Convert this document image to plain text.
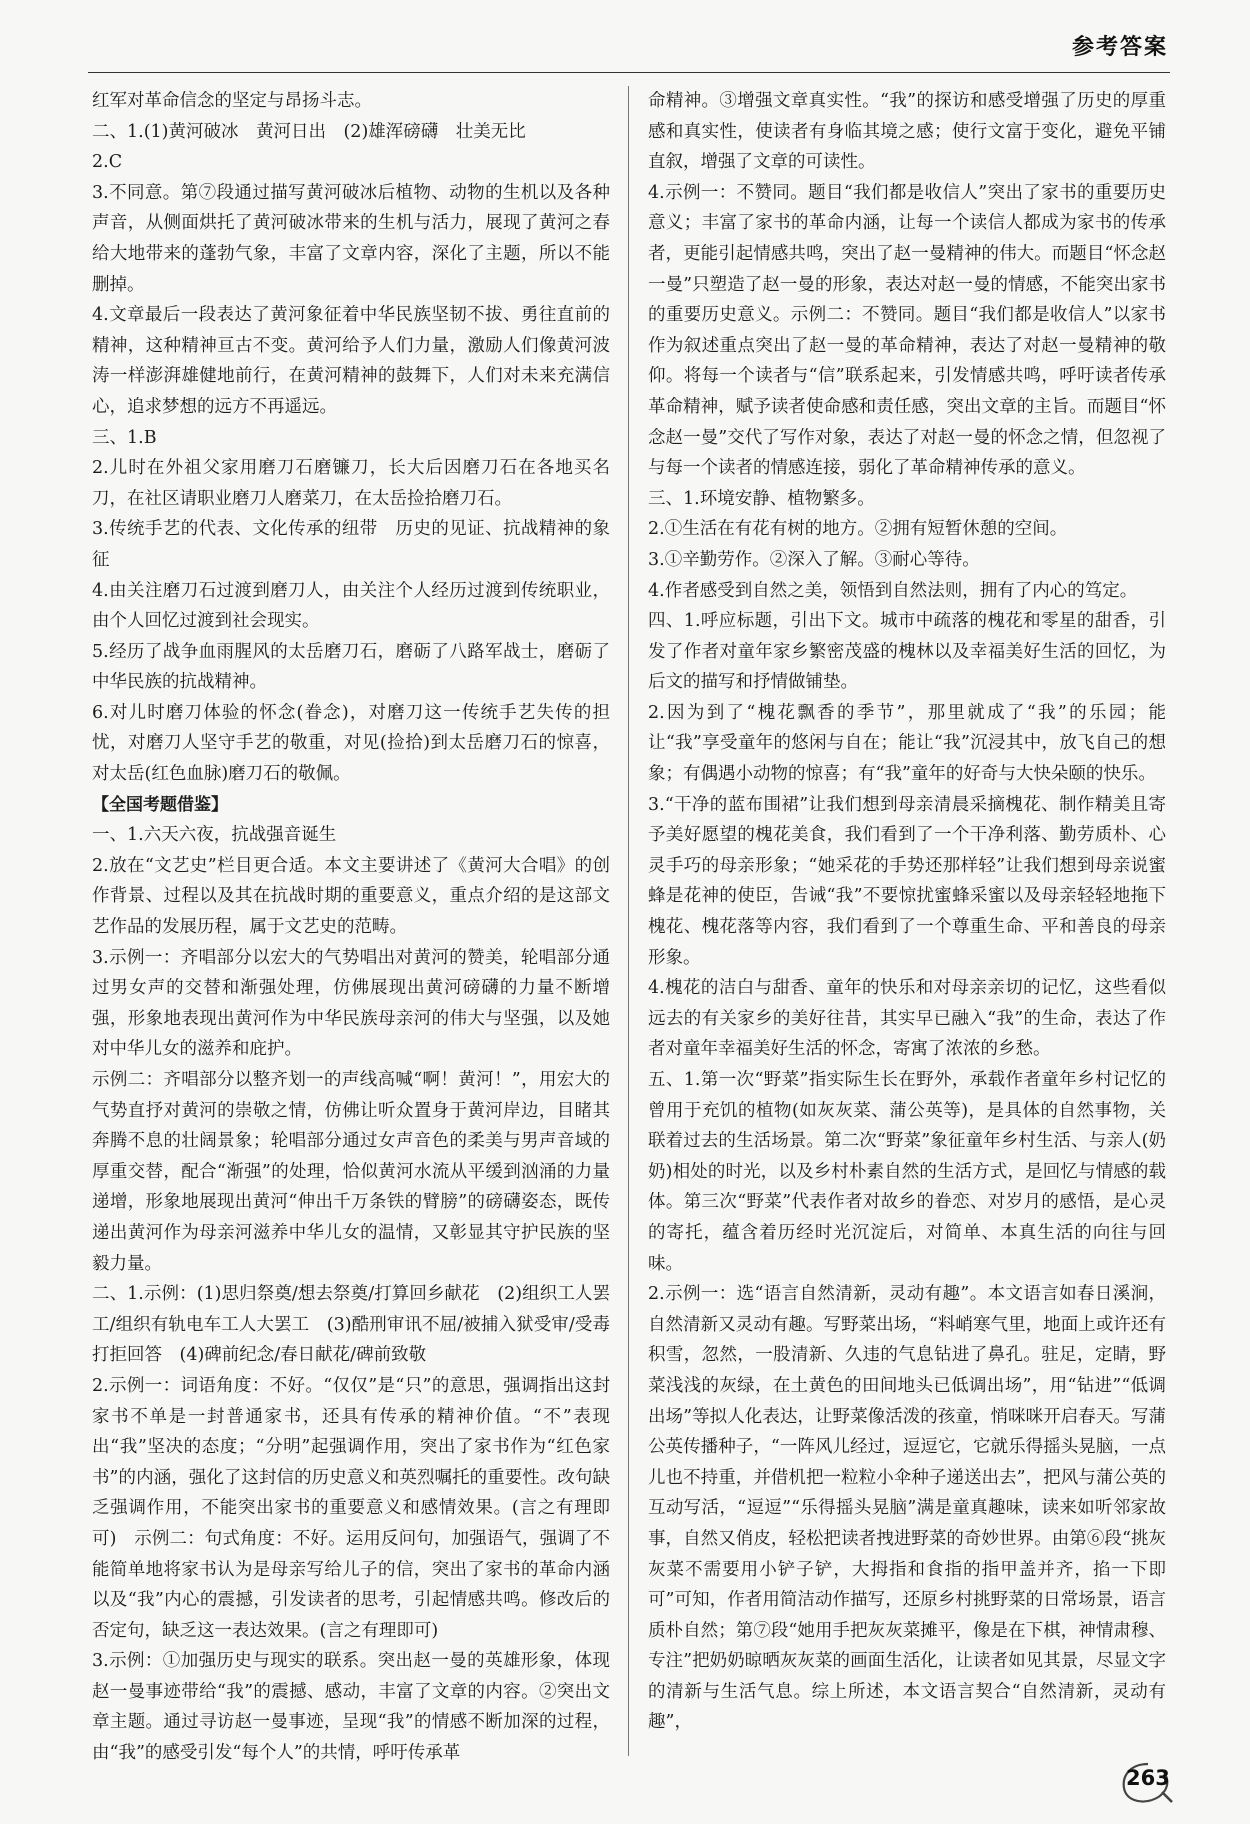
参考答案

红军对革命信念的坚定与昂扬斗志。

二、1.(1)黄河破冰　黄河日出　(2)雄浑磅礴　壮美无比

2.C

3.不同意。第⑦段通过描写黄河破冰后植物、动物的生机以及各种声音，从侧面烘托了黄河破冰带来的生机与活力，展现了黄河之春给大地带来的蓬勃气象，丰富了文章内容，深化了主题，所以不能删掉。

4.文章最后一段表达了黄河象征着中华民族坚韧不拔、勇往直前的精神，这种精神亘古不变。黄河给予人们力量，激励人们像黄河波涛一样澎湃雄健地前行，在黄河精神的鼓舞下，人们对未来充满信心，追求梦想的远方不再遥远。

三、1.B

2.儿时在外祖父家用磨刀石磨镰刀，长大后因磨刀石在各地买名刀，在社区请职业磨刀人磨菜刀，在太岳捡拾磨刀石。

3.传统手艺的代表、文化传承的纽带　历史的见证、抗战精神的象征

4.由关注磨刀石过渡到磨刀人，由关注个人经历过渡到传统职业，由个人回忆过渡到社会现实。

5.经历了战争血雨腥风的太岳磨刀石，磨砺了八路军战士，磨砺了中华民族的抗战精神。

6.对儿时磨刀体验的怀念(眷念)，对磨刀这一传统手艺失传的担忧，对磨刀人坚守手艺的敬重，对见(捡拾)到太岳磨刀石的惊喜，对太岳(红色血脉)磨刀石的敬佩。

【全国考题借鉴】

一、1.六天六夜，抗战强音诞生

2.放在“文艺史”栏目更合适。本文主要讲述了《黄河大合唱》的创作背景、过程以及其在抗战时期的重要意义，重点介绍的是这部文艺作品的发展历程，属于文艺史的范畴。

3.示例一：齐唱部分以宏大的气势唱出对黄河的赞美，轮唱部分通过男女声的交替和渐强处理，仿佛展现出黄河磅礴的力量不断增强，形象地表现出黄河作为中华民族母亲河的伟大与坚强，以及她对中华儿女的滋养和庇护。

示例二：齐唱部分以整齐划一的声线高喊“啊！黄河！”，用宏大的气势直抒对黄河的崇敬之情，仿佛让听众置身于黄河岸边，目睹其奔腾不息的壮阔景象；轮唱部分通过女声音色的柔美与男声音域的厚重交替，配合“渐强”的处理，恰似黄河水流从平缓到汹涌的力量递增，形象地展现出黄河“伸出千万条铁的臂膀”的磅礴姿态，既传递出黄河作为母亲河滋养中华儿女的温情，又彰显其守护民族的坚毅力量。

二、1.示例：(1)思归祭奠/想去祭奠/打算回乡献花　(2)组织工人罢工/组织有轨电车工人大罢工　(3)酷刑审讯不屈/被捕入狱受审/受毒打拒回答　(4)碑前纪念/春日献花/碑前致敬

2.示例一：词语角度：不好。“仅仅”是“只”的意思，强调指出这封家书不单是一封普通家书，还具有传承的精神价值。“不”表现出“我”坚决的态度；“分明”起强调作用，突出了家书作为“红色家书”的内涵，强化了这封信的历史意义和英烈嘱托的重要性。改句缺乏强调作用，不能突出家书的重要意义和感情效果。(言之有理即可)　示例二：句式角度：不好。运用反问句，加强语气，强调了不能简单地将家书认为是母亲写给儿子的信，突出了家书的革命内涵以及“我”内心的震撼，引发读者的思考，引起情感共鸣。修改后的否定句，缺乏这一表达效果。(言之有理即可)

3.示例：①加强历史与现实的联系。突出赵一曼的英雄形象，体现赵一曼事迹带给“我”的震撼、感动，丰富了文章的内容。②突出文章主题。通过寻访赵一曼事迹，呈现“我”的情感不断加深的过程，由“我”的感受引发“每个人”的共情，呼吁传承革

命精神。③增强文章真实性。“我”的探访和感受增强了历史的厚重感和真实性，使读者有身临其境之感；使行文富于变化，避免平铺直叙，增强了文章的可读性。

4.示例一：不赞同。题目“我们都是收信人”突出了家书的重要历史意义；丰富了家书的革命内涵，让每一个读信人都成为家书的传承者，更能引起情感共鸣，突出了赵一曼精神的伟大。而题目“怀念赵一曼”只塑造了赵一曼的形象，表达对赵一曼的情感，不能突出家书的重要历史意义。示例二：不赞同。题目“我们都是收信人”以家书作为叙述重点突出了赵一曼的革命精神，表达了对赵一曼精神的敬仰。将每一个读者与“信”联系起来，引发情感共鸣，呼吁读者传承革命精神，赋予读者使命感和责任感，突出文章的主旨。而题目“怀念赵一曼”交代了写作对象，表达了对赵一曼的怀念之情，但忽视了与每一个读者的情感连接，弱化了革命精神传承的意义。

三、1.环境安静、植物繁多。

2.①生活在有花有树的地方。②拥有短暂休憩的空间。

3.①辛勤劳作。②深入了解。③耐心等待。

4.作者感受到自然之美，领悟到自然法则，拥有了内心的笃定。

四、1.呼应标题，引出下文。城市中疏落的槐花和零星的甜香，引发了作者对童年家乡繁密茂盛的槐林以及幸福美好生活的回忆，为后文的描写和抒情做铺垫。

2.因为到了“槐花飘香的季节”，那里就成了“我”的乐园；能让“我”享受童年的悠闲与自在；能让“我”沉浸其中，放飞自己的想象；有偶遇小动物的惊喜；有“我”童年的好奇与大快朵颐的快乐。

3.“干净的蓝布围裙”让我们想到母亲清晨采摘槐花、制作精美且寄予美好愿望的槐花美食，我们看到了一个干净利落、勤劳质朴、心灵手巧的母亲形象；“她采花的手势还那样轻”让我们想到母亲说蜜蜂是花神的使臣，告诫“我”不要惊扰蜜蜂采蜜以及母亲轻轻地拖下槐花、槐花落等内容，我们看到了一个尊重生命、平和善良的母亲形象。

4.槐花的洁白与甜香、童年的快乐和对母亲亲切的记忆，这些看似远去的有关家乡的美好往昔，其实早已融入“我”的生命，表达了作者对童年幸福美好生活的怀念，寄寓了浓浓的乡愁。

五、1.第一次“野菜”指实际生长在野外，承载作者童年乡村记忆的曾用于充饥的植物(如灰灰菜、蒲公英等)，是具体的自然事物，关联着过去的生活场景。第二次“野菜”象征童年乡村生活、与亲人(奶奶)相处的时光，以及乡村朴素自然的生活方式，是回忆与情感的载体。第三次“野菜”代表作者对故乡的眷恋、对岁月的感悟，是心灵的寄托，蕴含着历经时光沉淀后，对简单、本真生活的向往与回味。

2.示例一：选“语言自然清新，灵动有趣”。本文语言如春日溪涧，自然清新又灵动有趣。写野菜出场，“料峭寒气里，地面上或许还有积雪，忽然，一股清新、久违的气息钻进了鼻孔。驻足，定睛，野菜浅浅的灰绿，在土黄色的田间地头已低调出场”，用“钻进”“低调出场”等拟人化表达，让野菜像活泼的孩童，悄咪咪开启春天。写蒲公英传播种子，“一阵风儿经过，逗逗它，它就乐得摇头晃脑，一点儿也不持重，并借机把一粒粒小伞种子递送出去”，把风与蒲公英的互动写活，“逗逗”“乐得摇头晃脑”满是童真趣味，读来如听邻家故事，自然又俏皮，轻松把读者拽进野菜的奇妙世界。由第⑥段“挑灰灰菜不需要用小铲子铲，大拇指和食指的指甲盖并齐，掐一下即可”可知，作者用简洁动作描写，还原乡村挑野菜的日常场景，语言质朴自然；第⑦段“她用手把灰灰菜摊平，像是在下棋，神情肃穆、专注”把奶奶晾晒灰灰菜的画面生活化，让读者如见其景，尽显文字的清新与生活气息。综上所述，本文语言契合“自然清新，灵动有趣”，

263
